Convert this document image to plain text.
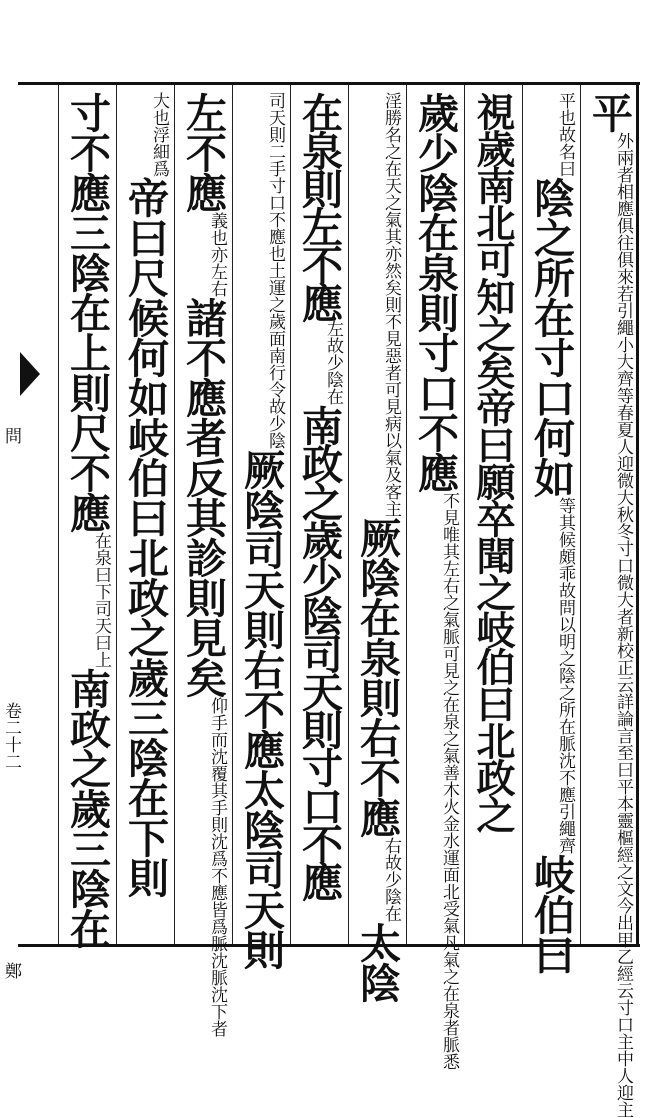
問
卷二十二
鄭
平
新校正云詳論言至曰平本靈樞經之文今出甲乙經云寸口主中人迎主
外兩者相應俱往俱來若引繩小大齊等春夏人迎微大秋冬寸口微大者
故名曰
平也
陰之所在寸口何如
陰之所在脈沈不應引繩齊
等其候頗乖故問以明之
岐伯曰
視歲南北可知之矣帝曰願卒聞之岐伯曰北政之
歲少陰在泉則寸口不應
木火金水運面北受氣凡氣之在泉者脈悉
不見唯其左右之氣脈可見之在泉之氣善
則不見惡者可見病以氣及客主
淫勝名之在天之氣其亦然矣
厥陰在泉則右不應
少陰在
右故
太陰
在泉則左不應
少陰在
左故
南政之歲少陰司天則寸口不應
土運之歲面南行令故少陰
司天則二手寸口不應也
厥陰司天則右不應太陰司天則
左不應
亦左右
義也
諸不應者反其診則見矣
不應皆爲脈沈脈沈下者
仰手而沈覆其手則沈爲
浮細爲
大也
帝曰尺候何如岐伯曰北政之歲三陰在下則
寸不應三陰在上則尺不應
司天曰上
在泉曰下
南政之歲三陰在
